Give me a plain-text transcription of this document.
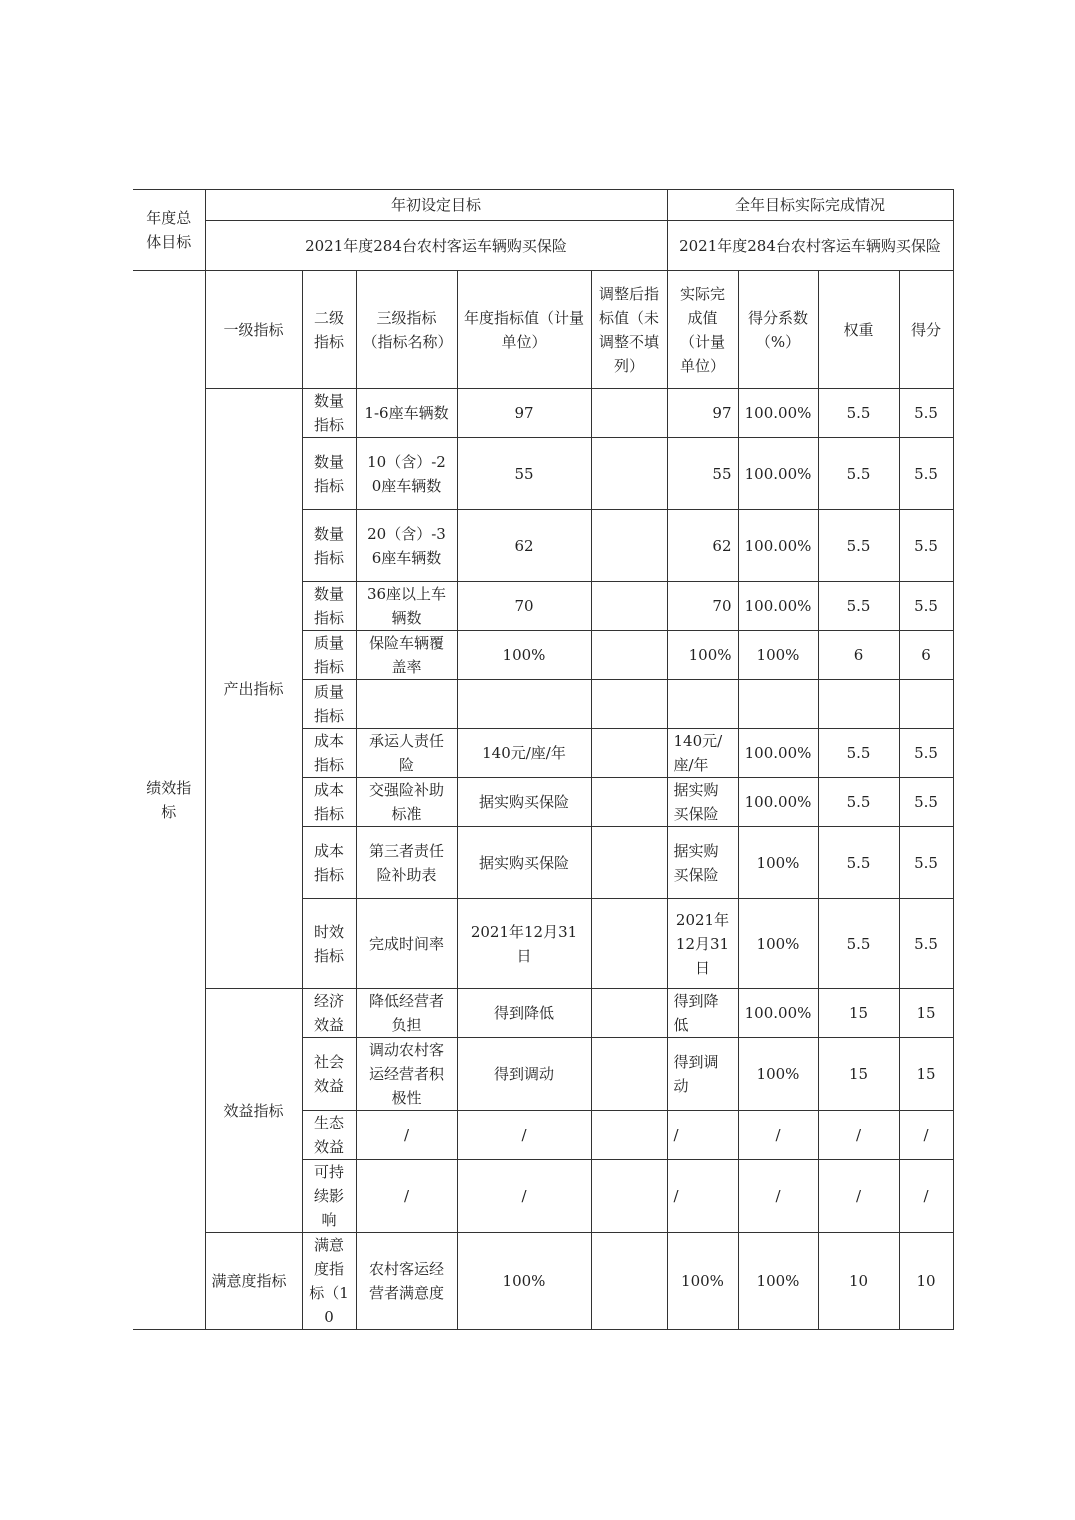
年度总体目标	年初设定目标					全年目标实际完成情况			
	2021年度284台农村客运车辆购买保险					2021年度284台农村客运车辆购买保险			
绩效指标	一级指标	二级指标	三级指标（指标名称）	年度指标值（计量单位）	调整后指标值（未调整不填列）	实际完成值（计量单位）	得分系数（%）	权重	得分
	产出指标	数量指标	1-6座车辆数	97		97	100.00%	5.5	5.5
		数量指标	10（含）-20座车辆数	55		55	100.00%	5.5	5.5
		数量指标	20（含）-36座车辆数	62		62	100.00%	5.5	5.5
		数量指标	36座以上车辆数	70		70	100.00%	5.5	5.5
		质量指标	保险车辆覆盖率	100%		100%	100%	6	6
		质量指标							
		成本指标	承运人责任险	140元/座/年		140元/座/年	100.00%	5.5	5.5
		成本指标	交强险补助标准	据实购买保险		据实购买保险	100.00%	5.5	5.5
		成本指标	第三者责任险补助表	据实购买保险		据实购买保险	100%	5.5	5.5
		时效指标	完成时间率	2021年12月31日		2021年12月31日	100%	5.5	5.5
	效益指标	经济效益	降低经营者负担	得到降低		得到降低	100.00%	15	15
		社会效益	调动农村客运经营者积极性	得到调动		得到调动	100%	15	15
		生态效益	/	/		/	/	/	/
		可持续影响	/	/		/	/	/	/
	满意度指标	满意度指标（10	农村客运经营者满意度	100%		100%	100%	10	10
